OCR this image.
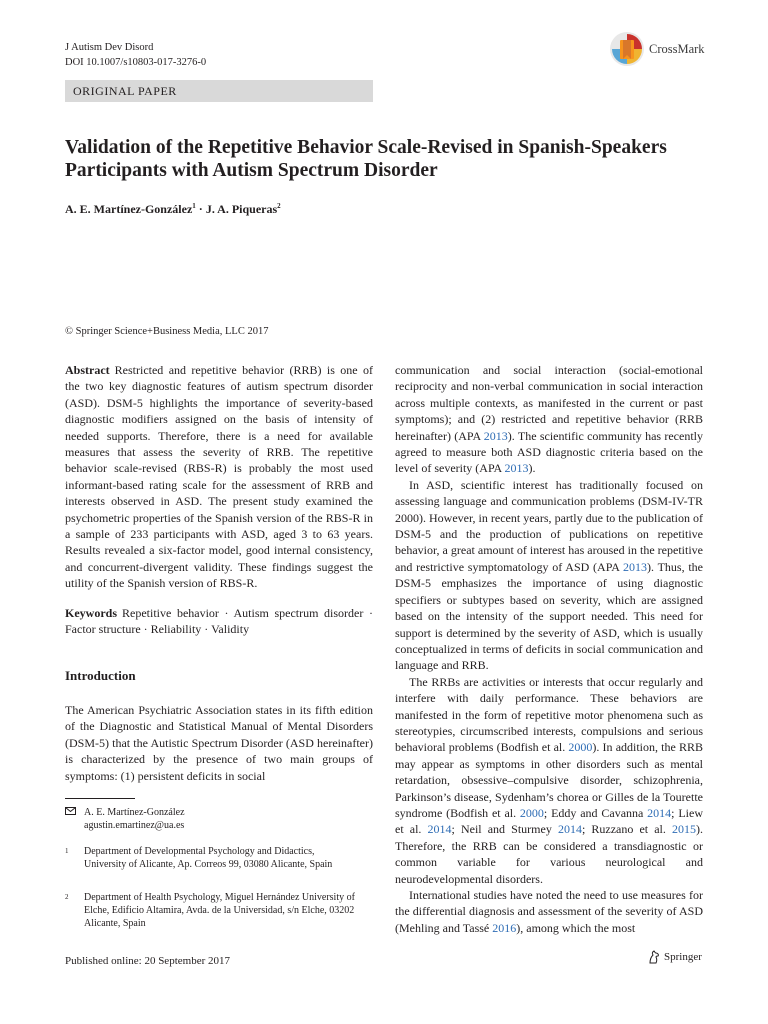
J Autism Dev Disord
DOI 10.1007/s10803-017-3276-0
CrossMark
ORIGINAL PAPER
Validation of the Repetitive Behavior Scale-Revised in Spanish-Speakers Participants with Autism Spectrum Disorder
A. E. Martínez-González$^1$ · J. A. Piqueras$^2$
© Springer Science+Business Media, LLC 2017

Abstract Restricted and repetitive behavior (RRB) is one of the two key diagnostic features of autism spectrum disorder (ASD). DSM-5 highlights the importance of severity-based diagnostic modifiers assigned on the basis of intensity of needed supports. Therefore, there is a need for available measures that assess the severity of RRB. The repetitive behavior scale-revised (RBS-R) is probably the most used informant-based rating scale for the assessment of RRB and interests observed in ASD. The present study examined the psychometric properties of the Spanish version of the RBS-R in a sample of 233 participants with ASD, aged 3 to 63 years. Results revealed a six-factor model, good internal consistency, and concurrent-divergent validity. These findings suggest the utility of the Spanish version of RBS-R.

Keywords Repetitive behavior · Autism spectrum disorder · Factor structure · Reliability · Validity

Introduction

The American Psychiatric Association states in its fifth edition of the Diagnostic and Statistical Manual of Mental Disorders (DSM-5) that the Autistic Spectrum Disorder (ASD hereinafter) is characterized by the presence of two main groups of symptoms: (1) persistent deficits in social

A. E. Martínez-González
agustin.emartinez@ua.es
1 Department of Developmental Psychology and Didactics, University of Alicante, Ap. Correos 99, 03080 Alicante, Spain
2 Department of Health Psychology, Miguel Hernández University of Elche, Edificio Altamira, Avda. de la Universidad, s/n Elche, 03202 Alicante, Spain

communication and social interaction (social-emotional reciprocity and non-verbal communication in social interaction across multiple contexts, as manifested in the current or past symptoms); and (2) restricted and repetitive behavior (RRB hereinafter) (APA 2013). The scientific community has recently agreed to measure both ASD diagnostic criteria based on the level of severity (APA 2013).

In ASD, scientific interest has traditionally focused on assessing language and communication problems (DSM-IV-TR 2000). However, in recent years, partly due to the publication of DSM-5 and the production of publications on repetitive behavior, a great amount of interest has aroused in the repetitive and restrictive symptomatology of ASD (APA 2013). Thus, the DSM-5 emphasizes the importance of using diagnostic specifiers or subtypes based on severity, which are assigned based on the intensity of the support needed. This need for support is determined by the severity of ASD, which is usually conceptualized in terms of deficits in social communication and language and RRB.

The RRBs are activities or interests that occur regularly and interfere with daily performance. These behaviors are manifested in the form of repetitive motor phenomena such as stereotypies, circumscribed interests, compulsions and serious behavioral problems (Bodfish et al. 2000). In addition, the RRB may appear as symptoms in other disorders such as mental retardation, obsessive–compulsive disorder, schizophrenia, Parkinson’s disease, Sydenham’s chorea or Gilles de la Tourette syndrome (Bodfish et al. 2000; Eddy and Cavanna 2014; Liew et al. 2014; Neil and Sturmey 2014; Ruzzano et al. 2015). Therefore, the RRB can be considered a transdiagnostic or common variable for various neurological and neurodevelopmental disorders.

International studies have noted the need to use measures for the differential diagnosis and assessment of the severity of ASD (Mehling and Tassé 2016), among which the most

Published online: 20 September 2017	Springer
